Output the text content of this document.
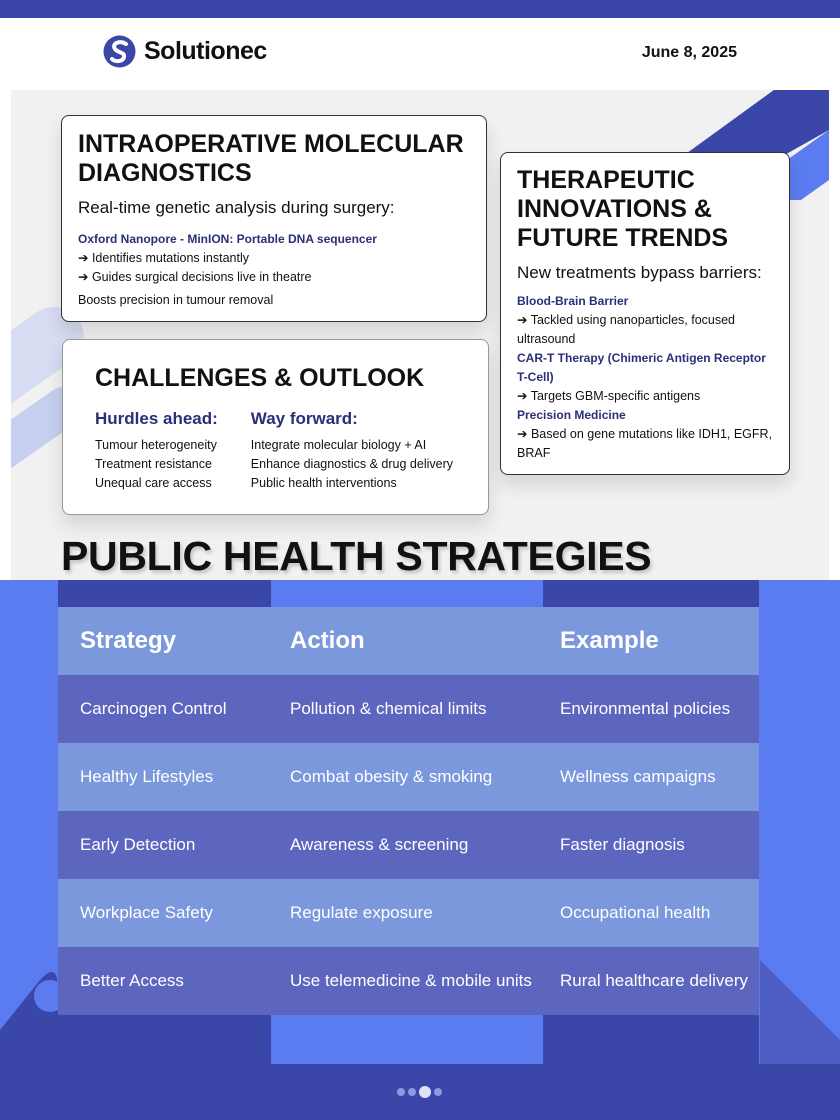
Solutionec	June 8, 2025
INTRAOPERATIVE MOLECULAR DIAGNOSTICS

Real-time genetic analysis during surgery:

Oxford Nanopore - MinION: Portable DNA sequencer
➔ Identifies mutations instantly
➔ Guides surgical decisions live in theatre

Boosts precision in tumour removal

THERAPEUTIC INNOVATIONS & FUTURE TRENDS

New treatments bypass barriers:

Blood-Brain Barrier
➔ Tackled using nanoparticles, focused ultrasound
CAR-T Therapy (Chimeric Antigen Receptor T-Cell)
➔ Targets GBM-specific antigens
Precision Medicine
➔ Based on gene mutations like IDH1, EGFR, BRAF
CHALLENGES & OUTLOOK
Hurdles ahead:
Tumour heterogeneity
Treatment resistance
Unequal care access
Way forward:
Integrate molecular biology + AI
Enhance diagnostics & drug delivery
Public health interventions
PUBLIC HEALTH STRATEGIES
Strategy	Action	Example
Carcinogen Control	Pollution & chemical limits	Environmental policies
Healthy Lifestyles	Combat obesity & smoking	Wellness campaigns
Early Detection	Awareness & screening	Faster diagnosis
Workplace Safety	Regulate exposure	Occupational health
Better Access	Use telemedicine & mobile units	Rural healthcare delivery
